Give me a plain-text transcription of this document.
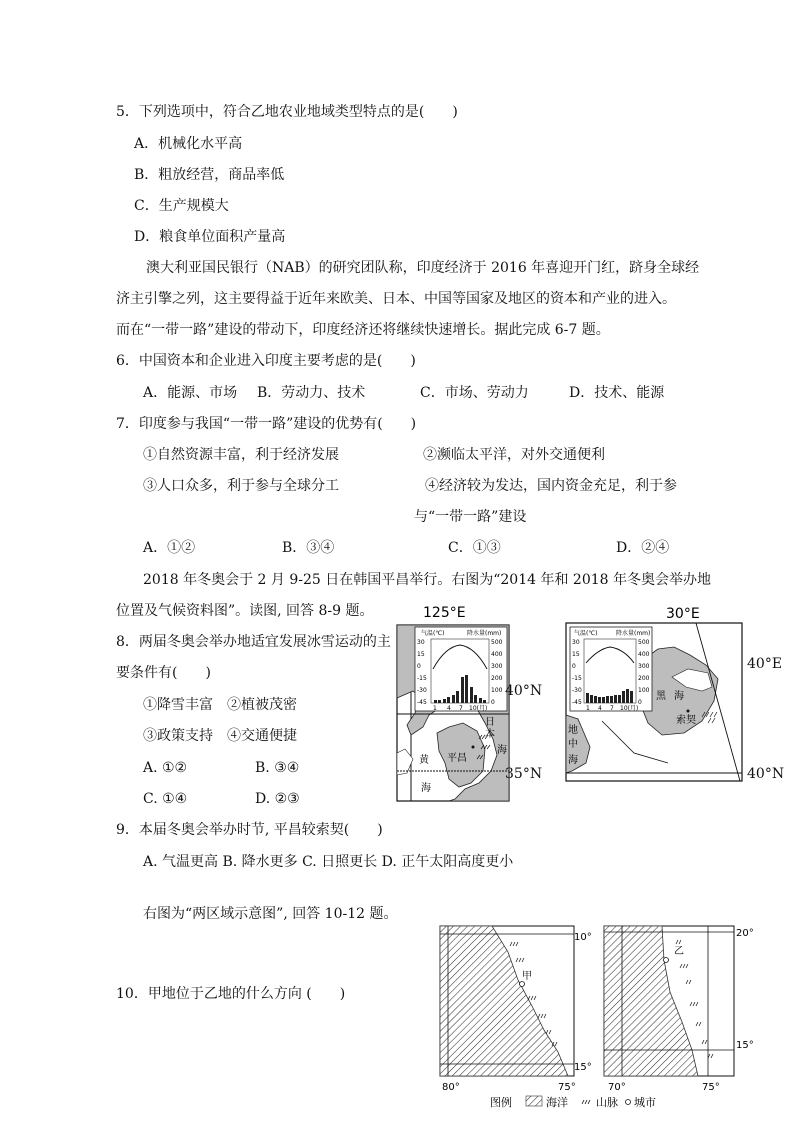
5．下列选项中，符合乙地农业地域类型特点的是(　　)
A．机械化水平高
B．粗放经营，商品率低
C．生产规模大
D．粮食单位面积产量高
澳大利亚国民银行（NAB）的研究团队称，印度经济于 2016 年喜迎开门红，跻身全球经
济主引擎之列，这主要得益于近年来欧美、日本、中国等国家及地区的资本和产业的进入。
而在“一带一路”建设的带动下，印度经济还将继续快速增长。据此完成 6-7 题。
6．中国资本和企业进入印度主要考虑的是(　　)
A．能源、市场 B．劳动力、技术	C．市场、劳动力	D．技术、能源
7．印度参与我国“一带一路”建设的优势有(　　)
①自然资源丰富，利于经济发展	②濒临太平洋，对外交通便利
③人口众多，利于参与全球分工	④经济较为发达，国内资金充足，利于参
与“一带一路”建设
A．①②	B．③④	C．①③	D．②④
2018 年冬奥会于 2 月 9-25 日在韩国平昌举行。右图为“2014 年和 2018 年冬奥会举办地
位置及气候资料图”。读图, 回答 8-9 题。
8．两届冬奥会举办地适宜发展冰雪运动的主
要条件有(　　)
①降雪丰富　②植被茂密
③政策支持　④交通便捷
A. ①②	B. ③④
C. ①④	D. ②③
9．本届冬奥会举办时节, 平昌较索契(　　)
A. 气温更高 B. 降水更多 C. 日照更长 D. 正午太阳高度更小
右图为“两区域示意图”, 回答 10-12 题。
10．甲地位于乙地的什么方向 (　　)
125°E
气温(℃)	降水量(mm)
30
15
0
-15
-30
-45
500
400
300
200
100
0
1 4 7 10(月)
平昌
黄
海
日
本
海
40°N
35°N
30°E
气温(℃)	降水量(mm)
30
15
0
-15
-30
-45
500
400
300
200
100
0
1 4 7 10(月)
黑 海
索契
地
中
海
40°E
40°N
甲
10°
15°
80°	75°
乙
20°
15°
70°	75°
图例	海洋	山脉 城市
